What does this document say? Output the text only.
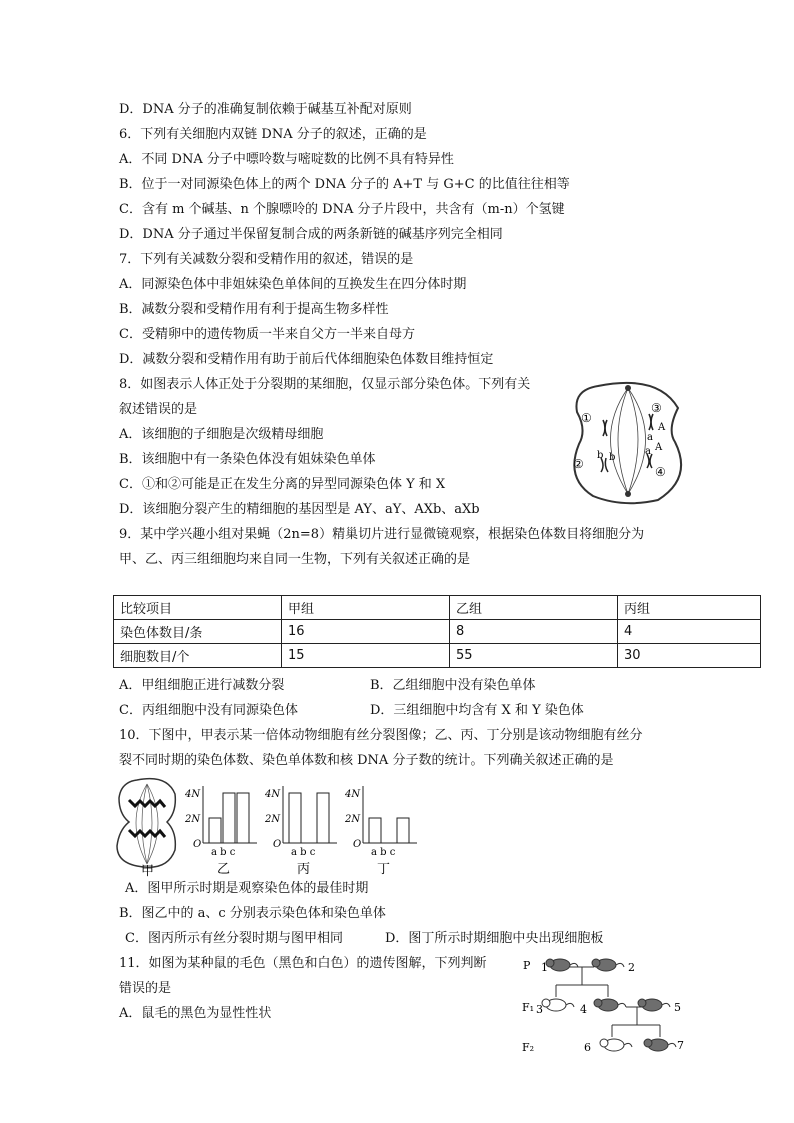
D．DNA 分子的准确复制依赖于碱基互补配对原则
6．下列有关细胞内双链 DNA 分子的叙述，正确的是
A．不同 DNA 分子中嘌呤数与嘧啶数的比例不具有特异性
B．位于一对同源染色体上的两个 DNA 分子的 A+T 与 G+C 的比值往往相等
C．含有 m 个碱基、n 个腺嘌呤的 DNA 分子片段中，共含有（m-n）个氢键
D．DNA 分子通过半保留复制合成的两条新链的碱基序列完全相同
7．下列有关减数分裂和受精作用的叙述，错误的是
A．同源染色体中非姐妹染色单体间的互换发生在四分体时期
B．减数分裂和受精作用有利于提高生物多样性
C．受精卵中的遗传物质一半来自父方一半来自母方
D．减数分裂和受精作用有助于前后代体细胞染色体数目维持恒定
8．如图表示人体正处于分裂期的某细胞，仅显示部分染色体。下列有关
叙述错误的是
A．该细胞的子细胞是次级精母细胞
B．该细胞中有一条染色体没有姐妹染色单体
C．①和②可能是正在发生分离的异型同源染色体 Y 和 X
D．该细胞分裂产生的精细胞的基因型是 AY、aY、AXb、aXb
9．某中学兴趣小组对果蝇（2n=8）精巢切片进行显微镜观察，根据染色体数目将细胞分为
甲、乙、丙三组细胞均来自同一生物，下列有关叙述正确的是
①
②
③
④
A
a
A
a
b b
比较项目	甲组	乙组	丙组
染色体数目/条	16	8	4
细胞数目/个	15	55	30
A．甲组细胞正进行减数分裂	B．乙组细胞中没有染色单体
C．丙组细胞中没有同源染色体	D．三组细胞中均含有 X 和 Y 染色体
10．下图中，甲表示某一倍体动物细胞有丝分裂图像；乙、丙、丁分别是该动物细胞有丝分
裂不同时期的染色体数、染色单体数和核 DNA 分子数的统计。下列确关叙述正确的是
甲
4N
2N
O
a b c
乙
4N
2N
O
a b c
丙
4N
2N
O
a b c
丁
A．图甲所示时期是观察染色体的最佳时期
B．图乙中的 a、c 分别表示染色体和染色单体
C．图丙所示有丝分裂时期与图甲相同	D．图丁所示时期细胞中央出现细胞板
11．如图为某种鼠的毛色（黑色和白色）的遗传图解，下列判断
错误的是
A．鼠毛的黑色为显性性状
P
F₁
F₂
1	2
3	4	5
6	7
